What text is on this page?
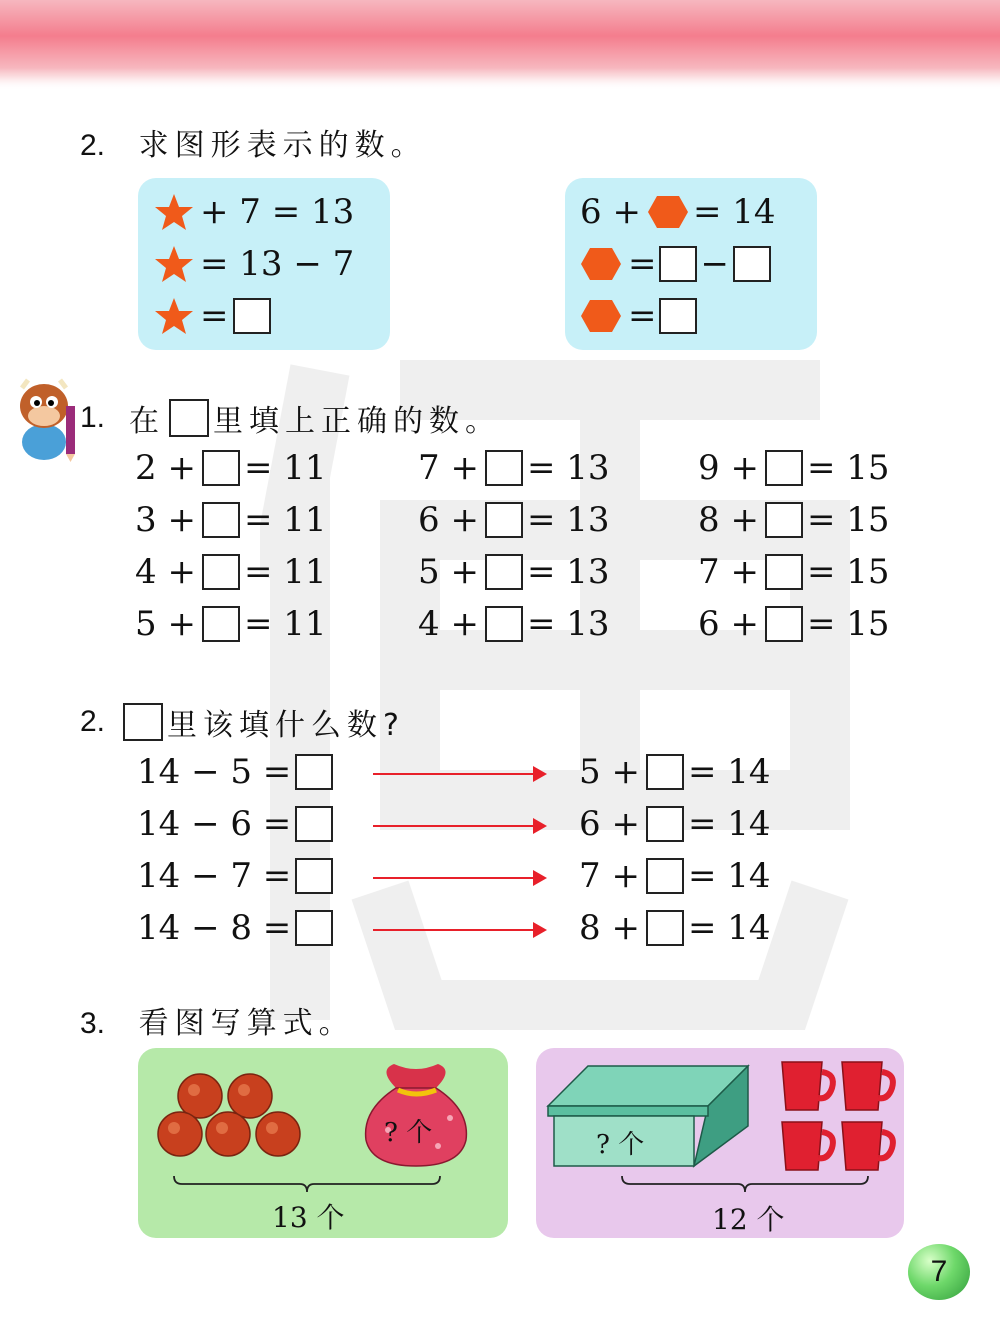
2. 求图形表示的数。
+ 7 = 13
= 13 − 7
=
6 + = 14
= −
=
1. 在 里填上正确的数。
2 + = 11
3 + = 11
4 + = 11
5 + = 11
7 + = 13
6 + = 13
5 + = 13
4 + = 13
9 + = 15
8 + = 15
7 + = 15
6 + = 15
2. 里该填什么数?
14 − 5 =
14 − 6 =
14 − 7 =
14 − 8 =
5 + = 14
6 + = 14
7 + = 14
8 + = 14
3. 看图写算式。
? 个
13 个
? 个
12 个
7
